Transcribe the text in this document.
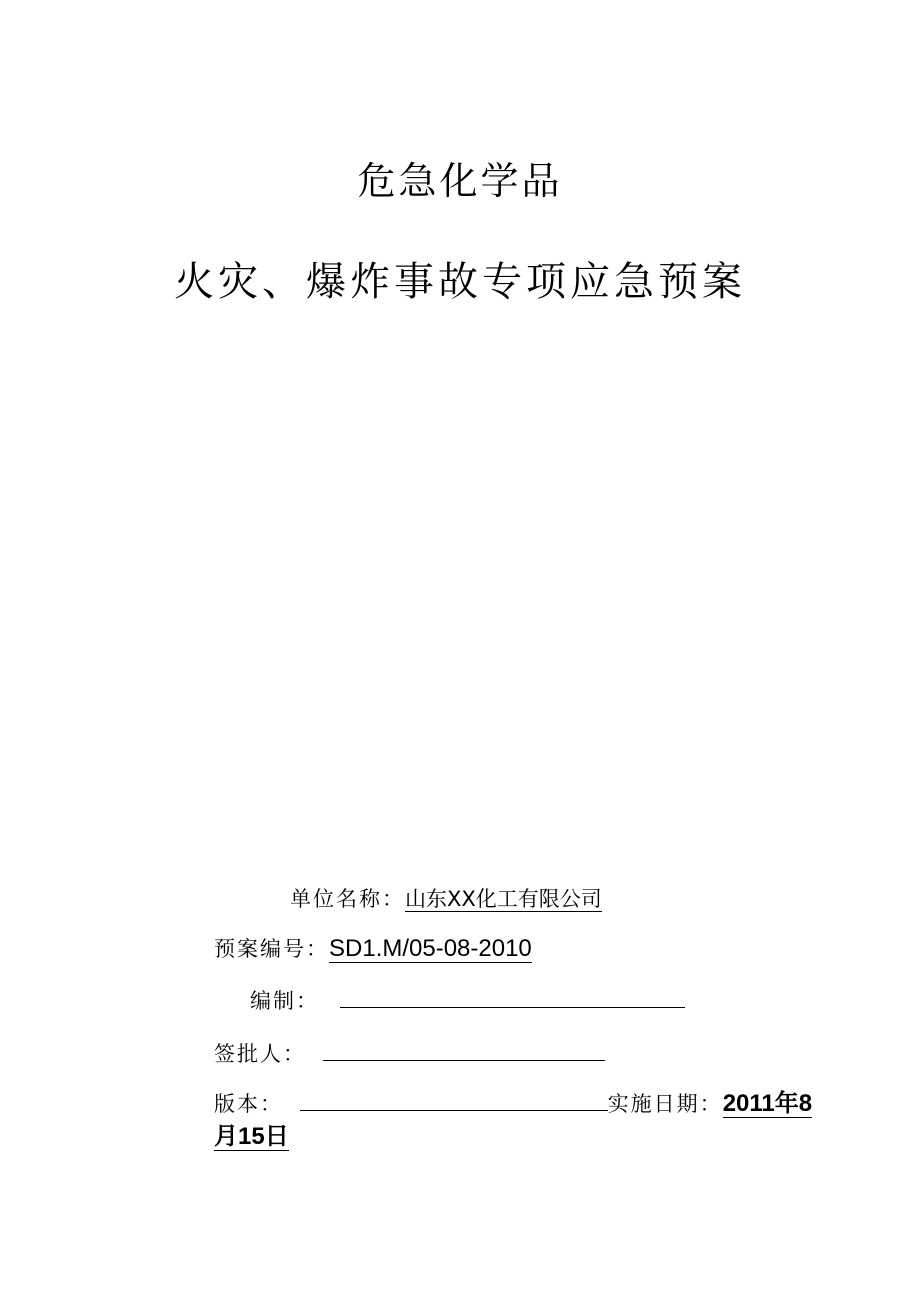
危急化学品
火灾、爆炸事故专项应急预案
单位名称：山东XX化工有限公司
预案编号：SD1.M/05-08-2010
编制：
签批人：
版本：	实施日期：2011年8
月15日
